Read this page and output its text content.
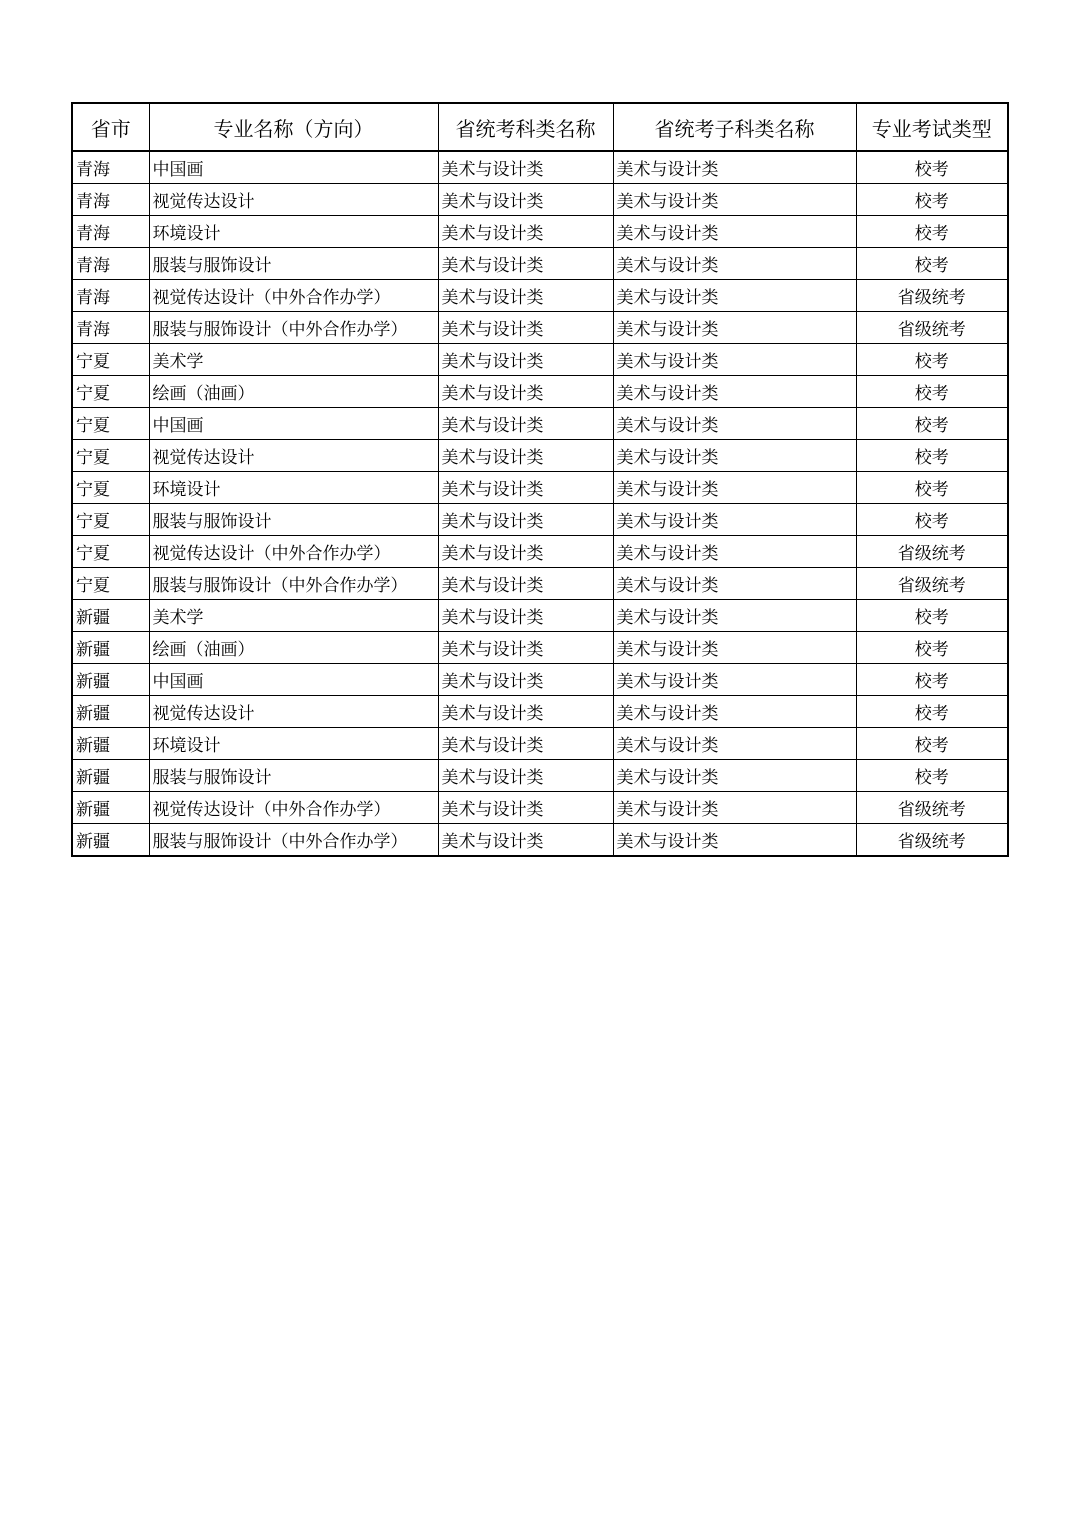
省市	专业名称（方向）	省统考科类名称	省统考子科类名称	专业考试类型
青海	中国画	美术与设计类	美术与设计类	校考
青海	视觉传达设计	美术与设计类	美术与设计类	校考
青海	环境设计	美术与设计类	美术与设计类	校考
青海	服装与服饰设计	美术与设计类	美术与设计类	校考
青海	视觉传达设计（中外合作办学）	美术与设计类	美术与设计类	省级统考
青海	服装与服饰设计（中外合作办学）	美术与设计类	美术与设计类	省级统考
宁夏	美术学	美术与设计类	美术与设计类	校考
宁夏	绘画（油画）	美术与设计类	美术与设计类	校考
宁夏	中国画	美术与设计类	美术与设计类	校考
宁夏	视觉传达设计	美术与设计类	美术与设计类	校考
宁夏	环境设计	美术与设计类	美术与设计类	校考
宁夏	服装与服饰设计	美术与设计类	美术与设计类	校考
宁夏	视觉传达设计（中外合作办学）	美术与设计类	美术与设计类	省级统考
宁夏	服装与服饰设计（中外合作办学）	美术与设计类	美术与设计类	省级统考
新疆	美术学	美术与设计类	美术与设计类	校考
新疆	绘画（油画）	美术与设计类	美术与设计类	校考
新疆	中国画	美术与设计类	美术与设计类	校考
新疆	视觉传达设计	美术与设计类	美术与设计类	校考
新疆	环境设计	美术与设计类	美术与设计类	校考
新疆	服装与服饰设计	美术与设计类	美术与设计类	校考
新疆	视觉传达设计（中外合作办学）	美术与设计类	美术与设计类	省级统考
新疆	服装与服饰设计（中外合作办学）	美术与设计类	美术与设计类	省级统考
